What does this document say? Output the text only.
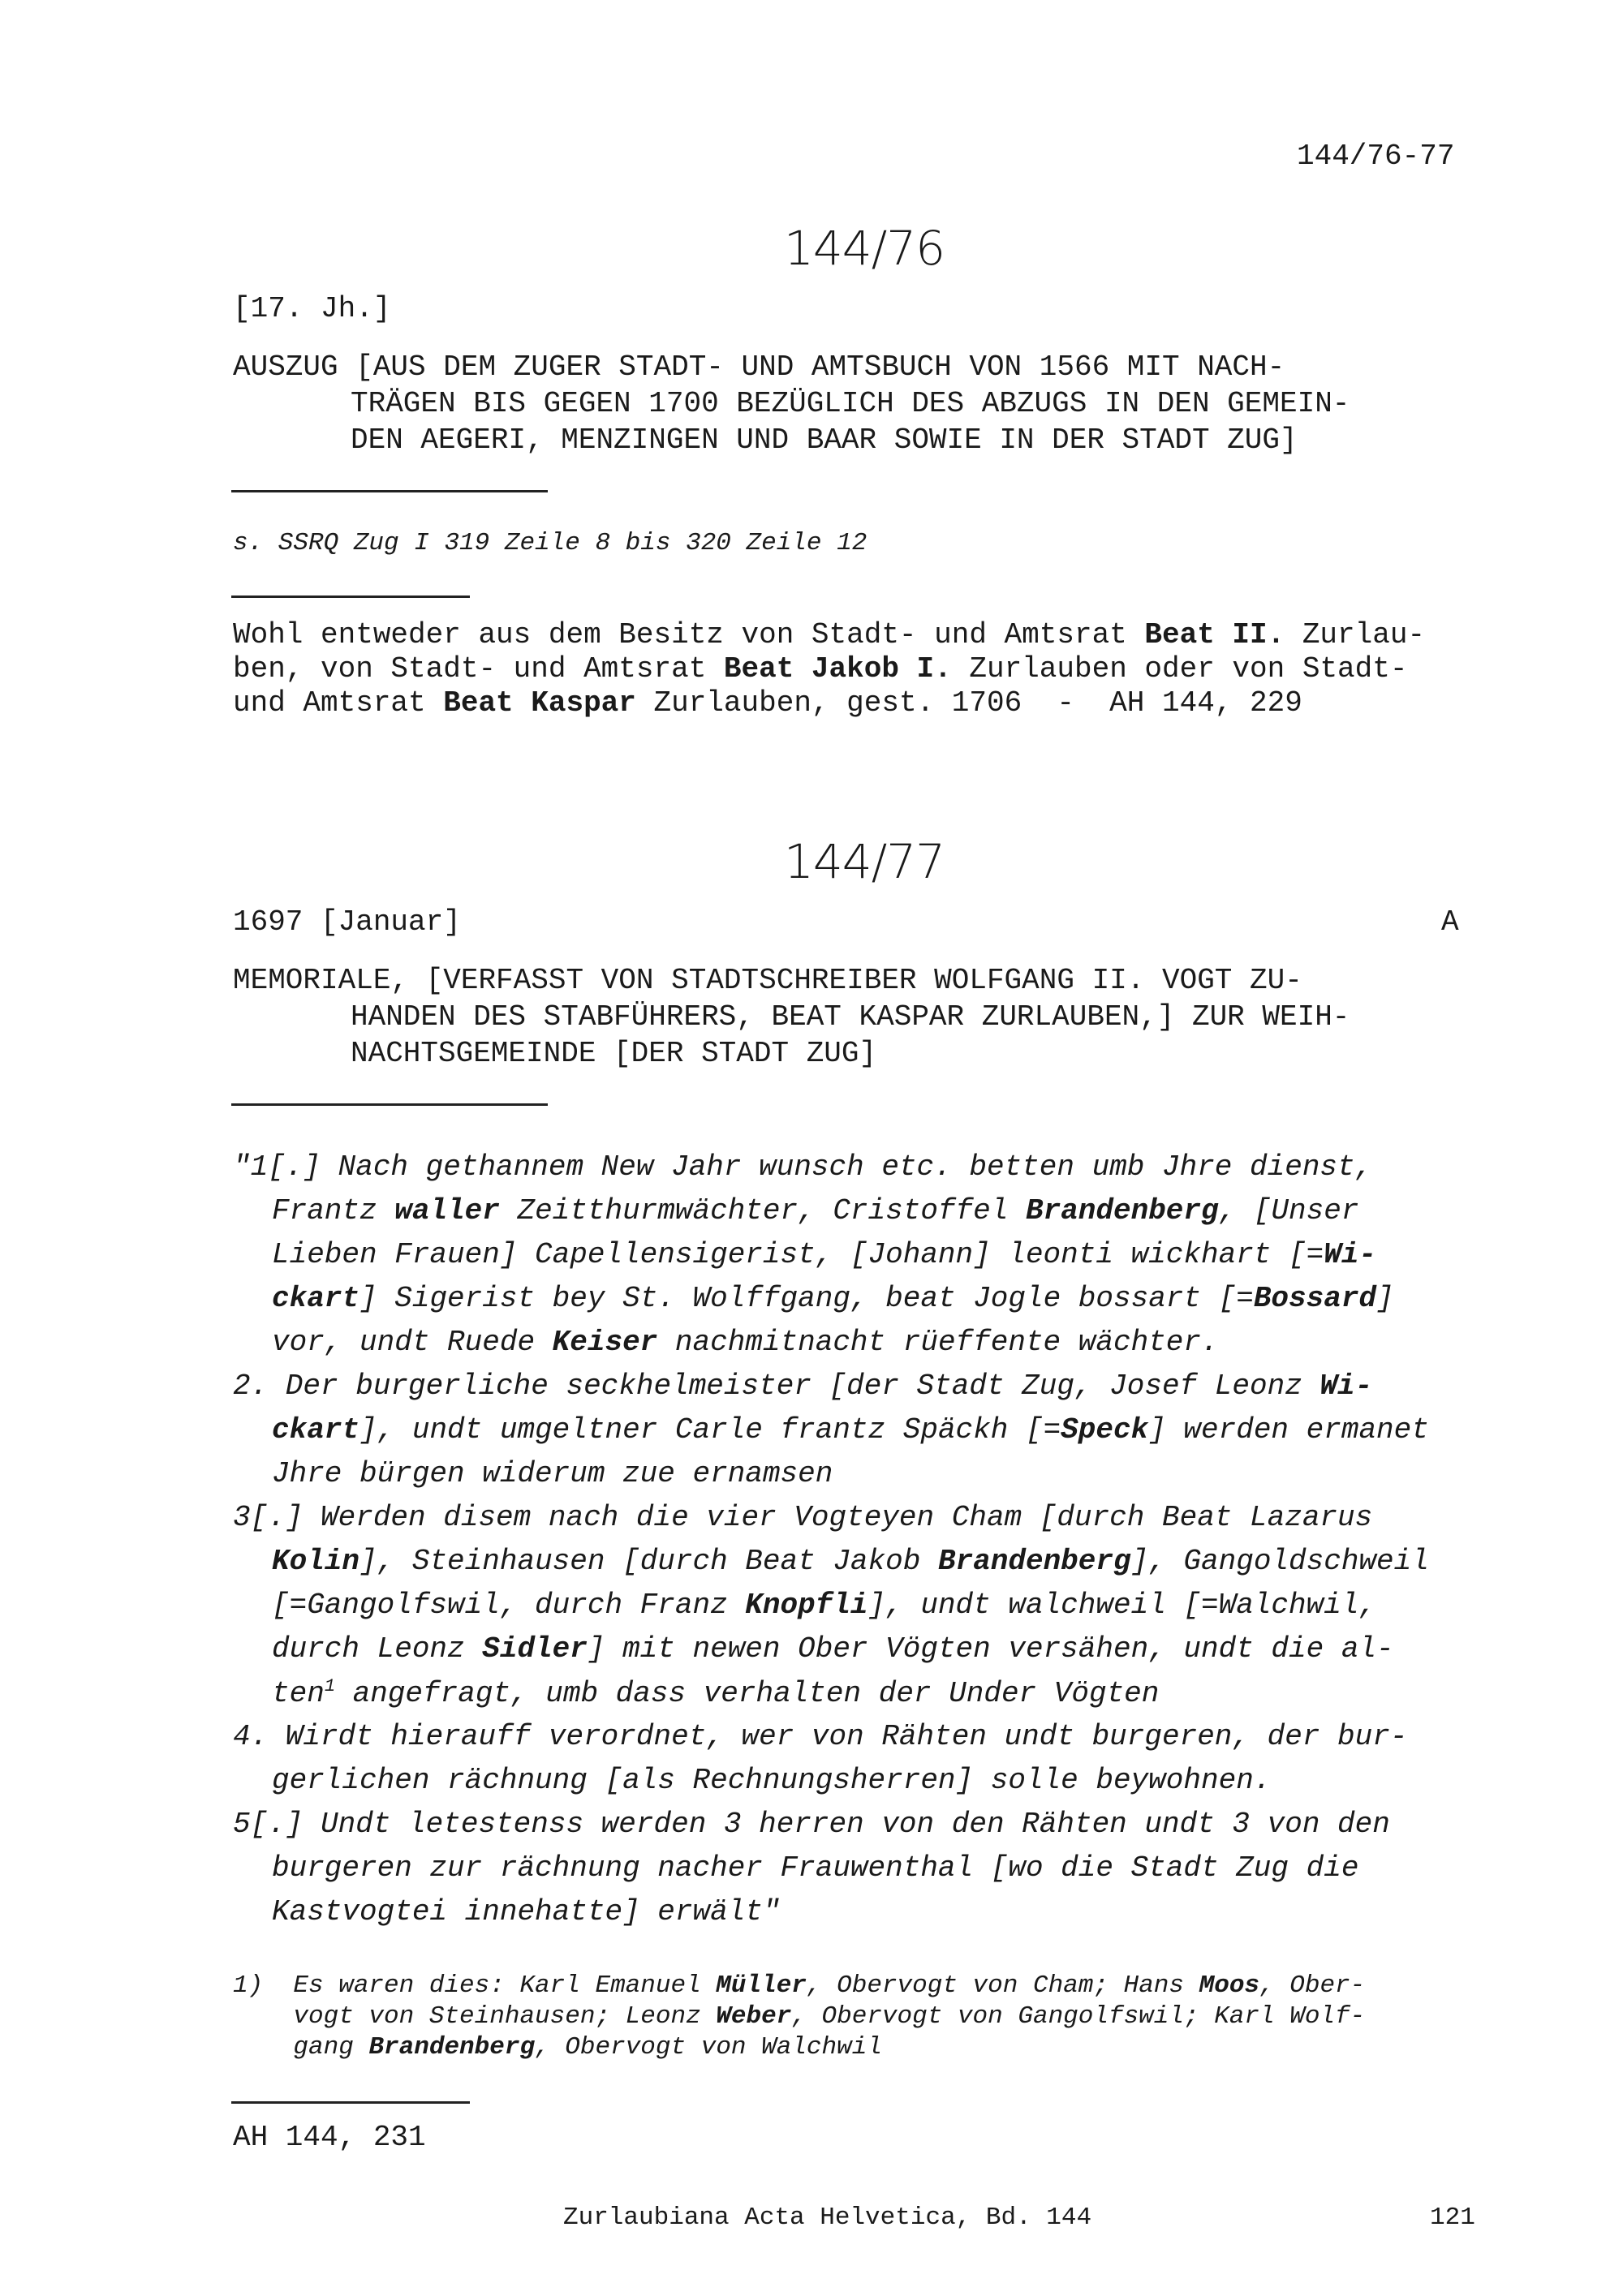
144/76-77
144/76
[17. Jh.]
AUSZUG [AUS DEM ZUGER STADT- UND AMTSBUCH VON 1566 MIT NACH-
TRÄGEN BIS GEGEN 1700 BEZÜGLICH DES ABZUGS IN DEN GEMEIN-
DEN AEGERI, MENZINGEN UND BAAR SOWIE IN DER STADT ZUG]
s. SSRQ Zug I 319 Zeile 8 bis 320 Zeile 12
Wohl entweder aus dem Besitz von Stadt- und Amtsrat Beat II. Zurlau-
ben, von Stadt- und Amtsrat Beat Jakob I. Zurlauben oder von Stadt-
und Amtsrat Beat Kaspar Zurlauben, gest. 1706  -  AH 144, 229
144/77
1697 [Januar]	A
MEMORIALE, [VERFASST VON STADTSCHREIBER WOLFGANG II. VOGT ZU-
HANDEN DES STABFÜHRERS, BEAT KASPAR ZURLAUBEN,] ZUR WEIH-
NACHTSGEMEINDE [DER STADT ZUG]
"1[.] Nach gethannem New Jahr wunsch etc. betten umb Jhre dienst,
Frantz waller Zeitthurmwächter, Cristoffel Brandenberg, [Unser
Lieben Frauen] Capellensigerist, [Johann] leonti wickhart [=Wi-
ckart] Sigerist bey St. Wolffgang, beat Jogle bossart [=Bossard]
vor, undt Ruede Keiser nachmitnacht rüeffente wächter.
2. Der burgerliche seckhelmeister [der Stadt Zug, Josef Leonz Wi-
ckart], undt umgeltner Carle frantz Späckh [=Speck] werden ermanet
Jhre bürgen widerum zue ernamsen
3[.] Werden disem nach die vier Vogteyen Cham [durch Beat Lazarus
Kolin], Steinhausen [durch Beat Jakob Brandenberg], Gangoldschweil
[=Gangolfswil, durch Franz Knopfli], undt walchweil [=Walchwil,
durch Leonz Sidler] mit newen Ober Vögten versähen, undt die al-
ten$^1$ angefragt, umb dass verhalten der Under Vögten
4. Wirdt hierauff verordnet, wer von Rähten undt burgeren, der bur-
gerlichen rächnung [als Rechnungsherren] solle beywohnen.
5[.] Undt letestenss werden 3 herren von den Rähten undt 3 von den
burgeren zur rächnung nacher Frauwenthal [wo die Stadt Zug die
Kastvogtei innehatte] erwält"
1)  Es waren dies: Karl Emanuel Müller, Obervogt von Cham; Hans Moos, Ober-
vogt von Steinhausen; Leonz Weber, Obervogt von Gangolfswil; Karl Wolf-
gang Brandenberg, Obervogt von Walchwil
AH 144, 231
Zurlaubiana Acta Helvetica, Bd. 144	121
